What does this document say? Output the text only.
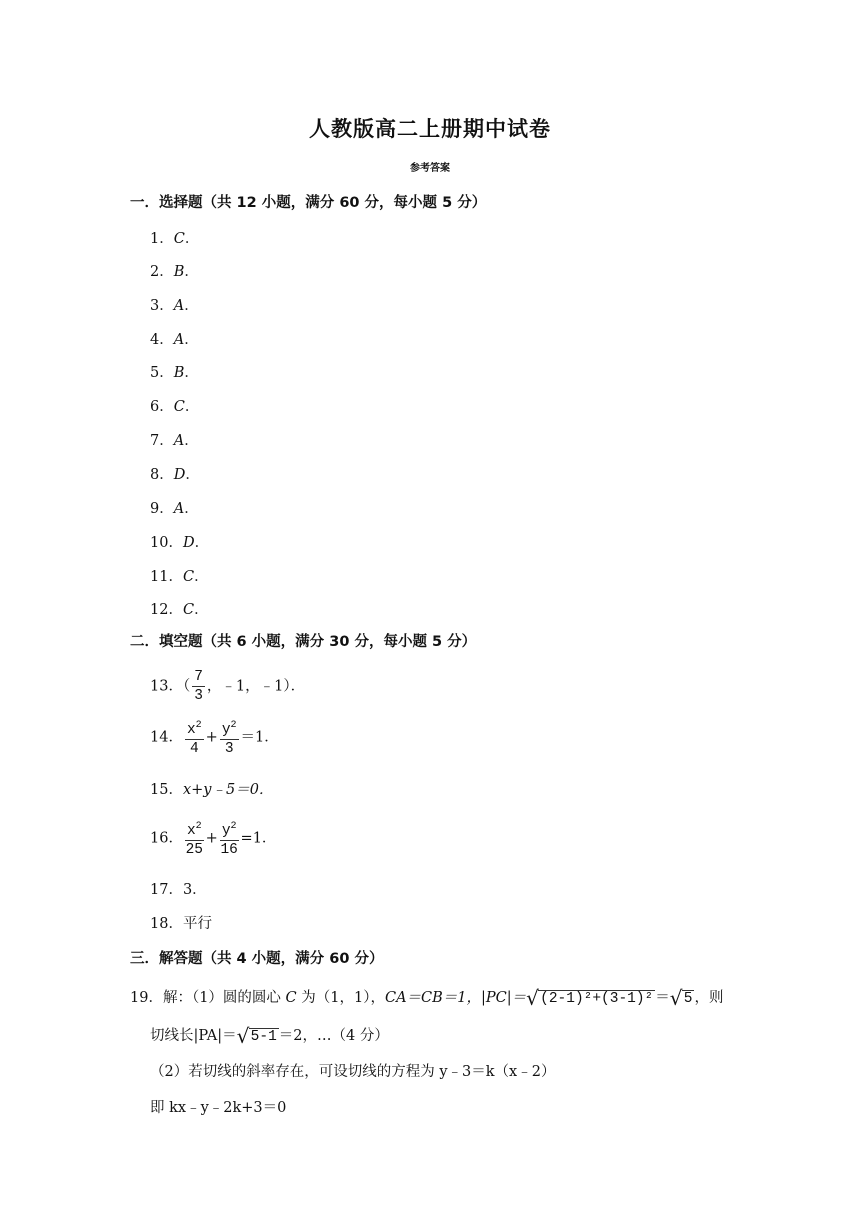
人教版高二上册期中试卷
参考答案
一．选择题（共 12 小题，满分 60 分，每小题 5 分）
1．C．
2．B．
3．A．
4．A．
5．B．
6．C．
7．A．
8．D．
9．A．
10．D．
11．C．
12．C．
二．填空题（共 6 小题，满分 30 分，每小题 5 分）
13．（ $\frac{7}{3}$ ，﹣1，﹣1）．
14． $\frac{x^2}{4} + \frac{y^2}{3} =1$．
15．x+y﹣5＝0．
16． $\frac{x^2}{25} + \frac{y^2}{16} =1$．
17．3．
18．平行
三．解答题（共 4 小题，满分 60 分）
19．解：（1）圆的圆心 C 为（1，1），CA＝CB＝1，|PC|＝ √ (2-1)²+(3-1)² ＝ √ 5 ，则
切线长|PA|＝ √ 5-1 ＝2，…（4 分）
（2）若切线的斜率存在，可设切线的方程为 y﹣3＝k（x﹣2）
即 kx﹣y﹣2k+3＝0
